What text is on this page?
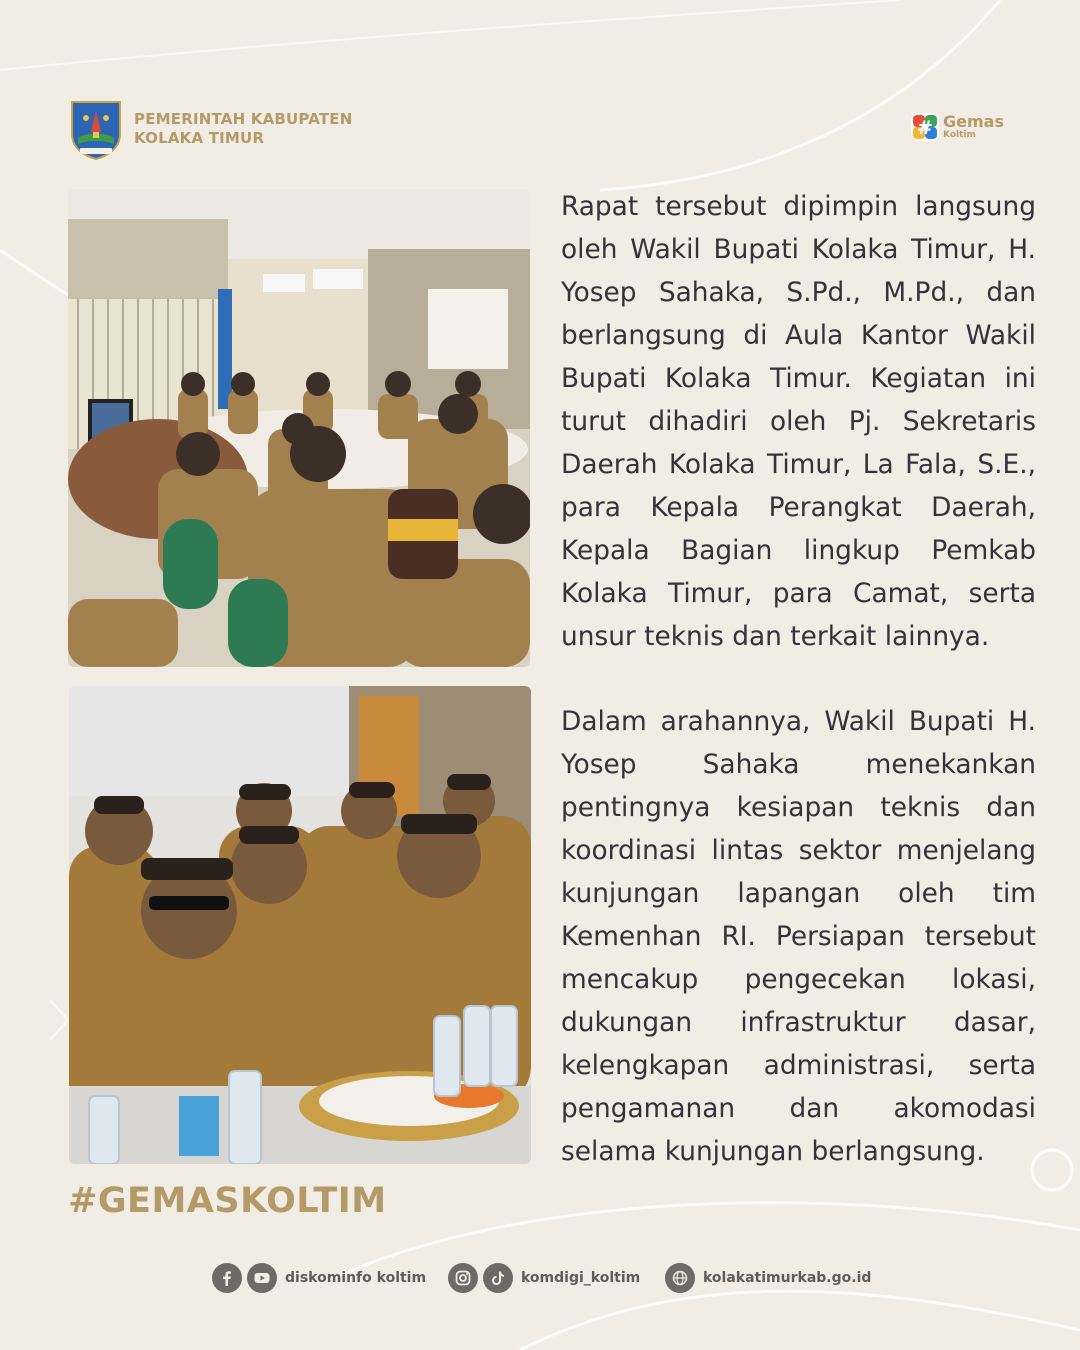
PEMERINTAH KABUPATEN
KOLAKA TIMUR	# Gemas
Koltim

Rapat tersebut dipimpin langsung oleh Wakil Bupati Kolaka Timur, H. Yosep Sahaka, S.Pd., M.Pd., dan berlangsung di Aula Kantor Wakil Bupati Kolaka Timur. Kegiatan ini turut dihadiri oleh Pj. Sekretaris Daerah Kolaka Timur, La Fala, S.E., para Kepala Perangkat Daerah, Kepala Bagian lingkup Pemkab Kolaka Timur, para Camat, serta unsur teknis dan terkait lainnya.

Dalam arahannya, Wakil Bupati H. Yosep Sahaka menekankan pentingnya kesiapan teknis dan koordinasi lintas sektor menjelang kunjungan lapangan oleh tim Kemenhan RI. Persiapan tersebut mencakup pengecekan lokasi, dukungan infrastruktur dasar, kelengkapan administrasi, serta pengamanan dan akomodasi selama kunjungan berlangsung.

#GEMASKOLTIM
diskominfo koltim	komdigi_koltim	kolakatimurkab.go.id
